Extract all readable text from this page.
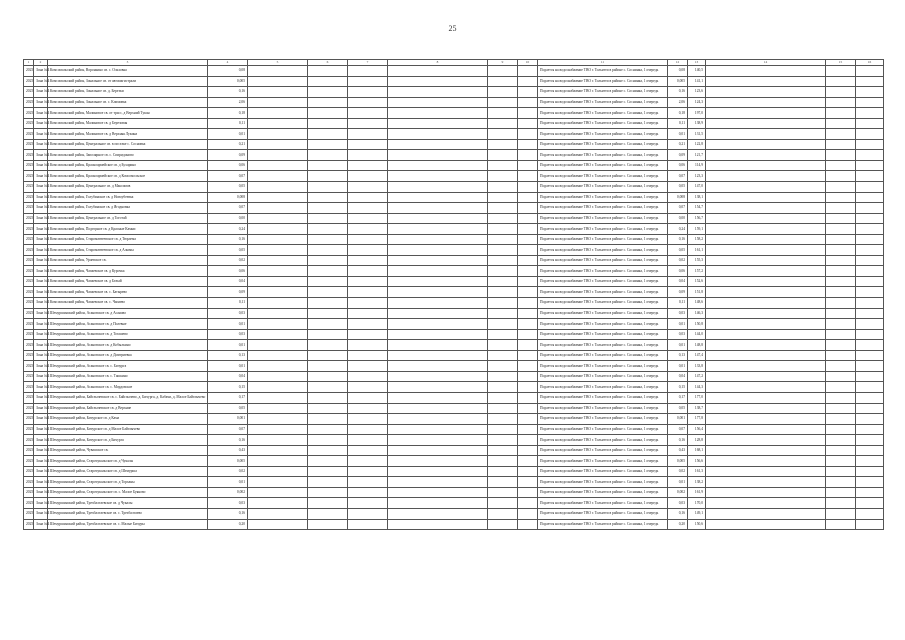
25
1	2	3	4	5	6	7	8	9	10	11	12	13	14	15	16
2025	Зона №4	Комсомольский район, Вороньино св. с. Ольховка	0,08							Подается на водоснабжение ТВО г. Тольятти в районе с. Соснинка, 1 очередь	0,08	140,5			
2025	Зона №4	Комсомольский район, Зональное св. от автомагистрали	0,005							Подается на водоснабжение ТВО г. Тольятти в районе с. Соснинка, 1 очередь	0,005	141,1			
2025	Зона №4	Комсомольский район, Зональное св. д. Березки	0,16							Подается на водоснабжение ТВО г. Тольятти в районе с. Соснинка, 1 очередь	0,16	123,6			
2025	Зона №4	Комсомольский район, Зональное св. с. Климовка	2,06							Подается на водоснабжение ТВО г. Тольятти в районе с. Соснинка, 1 очередь	2,06	124,3			
2025	Зона №4	Комсомольский район, Малиновое св. от трасс, д Верхний Тукан	0,18							Подается на водоснабжение ТВО г. Тольятти в районе с. Соснинка, 1 очередь	0,18	197,0			
2025	Зона №4	Комсомольский район, Малиновое св. д Березовая	0,11							Подается на водоснабжение ТВО г. Тольятти в районе с. Соснинка, 1 очередь	0,11	138,9			
2025	Зона №4	Комсомольский район, Малиновое св. д Верхняя Лукина	0,01							Подается на водоснабжение ТВО г. Тольятти в районе с. Соснинка, 1 очередь	0,01	131,5			
2025	Зона №4	Комсомольский район, Центральное св. в поселке с. Сосновка	0,21							Подается на водоснабжение ТВО г. Тольятти в районе с. Соснинка, 1 очередь	0,21	122,8			
2025	Зона №4	Комсомольский район, Заполярное св. с. Спиридоново	0,09							Подается на водоснабжение ТВО г. Тольятти в районе с. Соснинка, 1 очередь	0,09	121,7			
2025	Зона №4	Комсомольский район, Красноармейское св. д Бухарино	0,06							Подается на водоснабжение ТВО г. Тольятти в районе с. Соснинка, 1 очередь	0,06	114,9			
2025	Зона №4	Комсомольский район, Красноармейское св. д Комсомольское	0,07							Подается на водоснабжение ТВО г. Тольятти в районе с. Соснинка, 1 очередь	0,07	123,3			
2025	Зона №4	Комсомольский район, Центральное св. д Максимов	0,05							Подается на водоснабжение ТВО г. Тольятти в районе с. Соснинка, 1 очередь	0,05	147,0			
2025	Зона №4	Комсомольский район, Голубинское св. д Новоубеевка	0,008							Подается на водоснабжение ТВО г. Тольятти в районе с. Соснинка, 1 очередь	0,008	138,1			
2025	Зона №4	Комсомольский район, Голубинское св. д Ягодновка	0,07							Подается на водоснабжение ТВО г. Тольятти в районе с. Соснинка, 1 очередь	0,07	154,7			
2025	Зона №4	Комсомольский район, Центральное св. д Тоготай	0,00							Подается на водоснабжение ТВО г. Тольятти в районе с. Соснинка, 1 очередь	0,00	156,7			
2025	Зона №4	Комсомольский район, Подгорное св. д Красные Камни	0,24							Подается на водоснабжение ТВО г. Тольятти в районе с. Соснинка, 1 очередь	0,24	159,1			
2025	Зона №4	Комсомольский район, Староматвеевское св. д Тюрлема	0,16							Подается на водоснабжение ТВО г. Тольятти в районе с. Соснинка, 1 очередь	0,16	158,2			
2025	Зона №4	Комсомольский район, Староматвеевское св. д Алымы	0,05							Подается на водоснабжение ТВО г. Тольятти в районе с. Соснинка, 1 очередь	0,05	161,1			
2025	Зона №4	Комсомольский район, Ураевское св.	0,02							Подается на водоснабжение ТВО г. Тольятти в районе с. Соснинка, 1 очередь	0,02	155,3			
2025	Зона №4	Комсомольский район, Чапаевское св. д Курочка	0,06							Подается на водоснабжение ТВО г. Тольятти в районе с. Соснинка, 1 очередь	0,06	157,2			
2025	Зона №4	Комсомольский район, Чапаевское св. д Белый	0,04							Подается на водоснабжение ТВО г. Тольятти в районе с. Соснинка, 1 очередь	0,04	152,6			
2025	Зона №4	Комсомольский район, Чапаевское св. с. Батырево	0,09							Подается на водоснабжение ТВО г. Тольятти в районе с. Соснинка, 1 очередь	0,09	151,8			
2025	Зона №4	Комсомольский район, Чапаевское св. с. Чапаево	0,11							Подается на водоснабжение ТВО г. Тольятти в районе с. Соснинка, 1 очередь	0,11	148,6			
2025	Зона №4	Шемуршинский район, Асановское св. д Асаново	0,03							Подается на водоснабжение ТВО г. Тольятти в районе с. Соснинка, 1 очередь	0,03	146,3			
2025	Зона №4	Шемуршинский район, Асановское св. д Полевые	0,01							Подается на водоснабжение ТВО г. Тольятти в районе с. Соснинка, 1 очередь	0,01	150,8			
2025	Зона №4	Шемуршинский район, Асановское св. д Тогашево	0,03							Подается на водоснабжение ТВО г. Тольятти в районе с. Соснинка, 1 очередь	0,03	144,0			
2025	Зона №4	Шемуршинский район, Асановское св. д Кобылкино	0,01							Подается на водоснабжение ТВО г. Тольятти в районе с. Соснинка, 1 очередь	0,01	148,8			
2025	Зона №4	Шемуршинский район, Асановское св. д Дмитриевка	0,13							Подается на водоснабжение ТВО г. Тольятти в районе с. Соснинка, 1 очередь	0,13	147,4			
2025	Зона №4	Шемуршинский район, Асановское св. с. Бичурга	0,01							Подается на водоснабжение ТВО г. Тольятти в районе с. Соснинка, 1 очередь	0,01	133,8			
2025	Зона №4	Шемуршинский район, Асановское св. с. Ташкино	0,04							Подается на водоснабжение ТВО г. Тольятти в районе с. Соснинка, 1 очередь	0,04	147,2			
2025	Зона №4	Шемуршинский район, Асановское св. с. Мордовское	0,15							Подается на водоснабжение ТВО г. Тольятти в районе с. Соснинка, 1 очередь	0,15	144,3			
2025	Зона №4	Шемуршинский район, Байглычевское св. с. Байглычево, д. Бичурга, д. Кабачи, д. Малое Байглычево	0,17							Подается на водоснабжение ТВО г. Тольятти в районе с. Соснинка, 1 очередь	0,17	177,0			
2025	Зона №4	Шемуршинский район, Байглычевское св. д Верхние	0,05							Подается на водоснабжение ТВО г. Тольятти в районе с. Соснинка, 1 очередь	0,05	138,7			
2025	Зона №4	Шемуршинский район, Бичурское св. д Кама	0,001							Подается на водоснабжение ТВО г. Тольятти в районе с. Соснинка, 1 очередь	0,001	177,8			
2025	Зона №4	Шемуршинский район, Бичурское св. д Малое Байглычево	0,07							Подается на водоснабжение ТВО г. Тольятти в районе с. Соснинка, 1 очередь	0,07	156,4			
2025	Зона №4	Шемуршинский район, Бичурское св. д Бичурга	0,16							Подается на водоснабжение ТВО г. Тольятти в районе с. Соснинка, 1 очередь	0,16	128,8			
2025	Зона №4	Шемуршинский район, Чувашское св.	0,43							Подается на водоснабжение ТВО г. Тольятти в районе с. Соснинка, 1 очередь	0,43	168,1			
2025	Зона №4	Шемуршинский район, Старочукальское св. д Чукалы	0,005							Подается на водоснабжение ТВО г. Тольятти в районе с. Соснинка, 1 очередь	0,005	156,6			
2025	Зона №4	Шемуршинский район, Старочукальское св. д Шемурша	0,02							Подается на водоснабжение ТВО г. Тольятти в районе с. Соснинка, 1 очередь	0,02	161,3			
2025	Зона №4	Шемуршинский район, Старочукальское св. д Торханы	0,01							Подается на водоснабжение ТВО г. Тольятти в районе с. Соснинка, 1 очередь	0,01	138,2			
2025	Зона №4	Шемуршинский район, Старочукальское св. с. Малое Буяново	0,002							Подается на водоснабжение ТВО г. Тольятти в районе с. Соснинка, 1 очередь	0,002	161,9			
2025	Зона №4	Шемуршинский район, Трехбалтаевское св. д Чукалы	0,03							Подается на водоснабжение ТВО г. Тольятти в районе с. Соснинка, 1 очередь	0,03	170,0			
2025	Зона №4	Шемуршинский район, Трехбалтаевское св. с. Трехбалтаево	0,16							Подается на водоснабжение ТВО г. Тольятти в районе с. Соснинка, 1 очередь	0,16	149,1			
2025	Зона №4	Шемуршинский район, Трехбалтаевское св. с. Малые Бичуры	0,20							Подается на водоснабжение ТВО г. Тольятти в районе с. Соснинка, 1 очередь	0,20	150,6			
